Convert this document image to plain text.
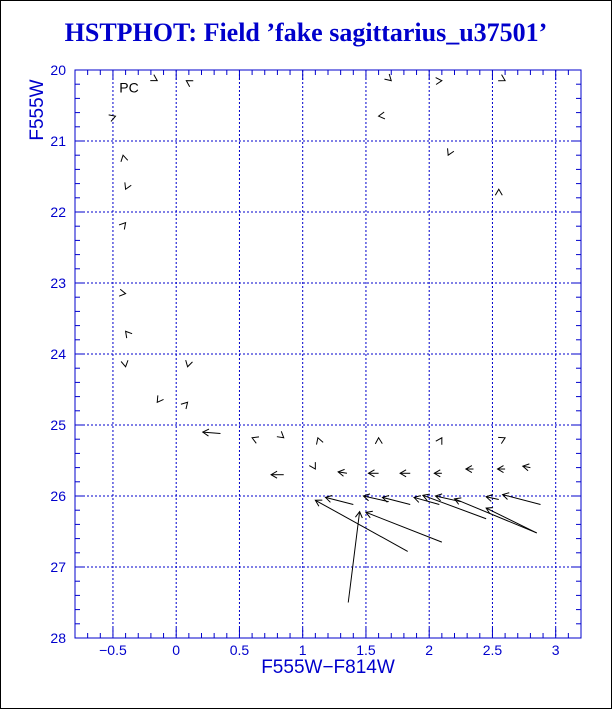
HSTPHOT: Field ’fake sagittarius_u37501’
−0.5	0	0.5	1	1.5	2	2.5	3
20
21
22
23
24
25
26
27
28
PC
F555W−F814W
F555W
